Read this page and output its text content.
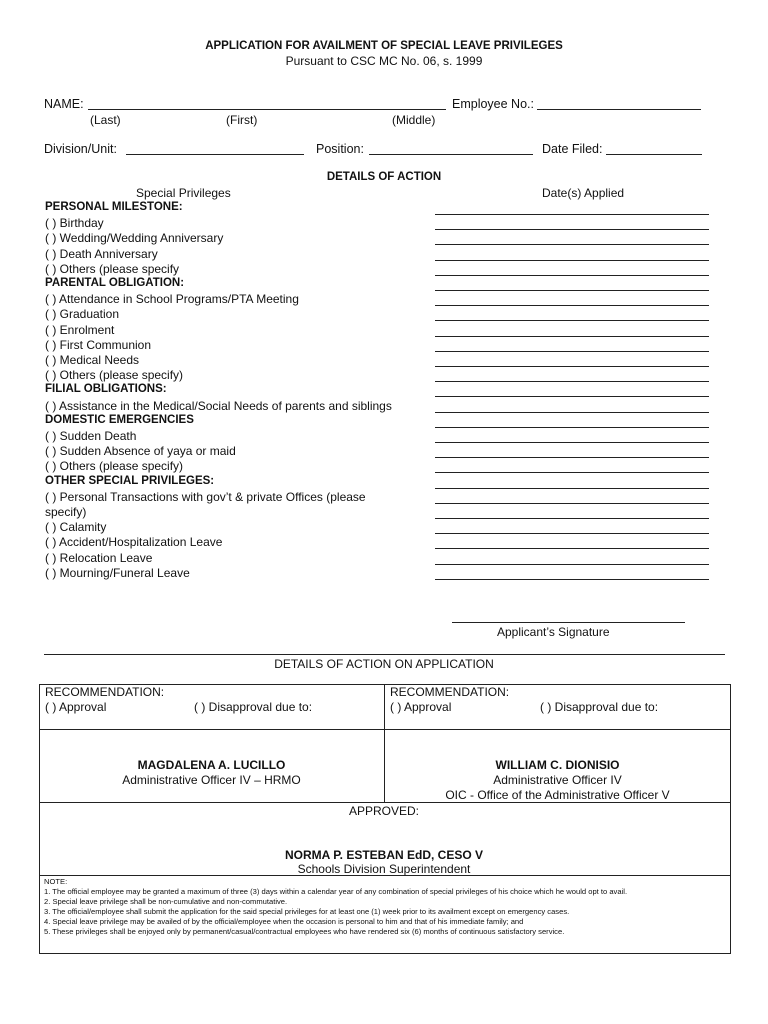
APPLICATION FOR AVAILMENT OF SPECIAL LEAVE PRIVILEGES
Pursuant to CSC MC No. 06, s. 1999
NAME:	Employee No.:
(Last)	(First)	(Middle)
Division/Unit:	Position:	Date Filed:
DETAILS OF ACTION
Special Privileges	Date(s) Applied
PERSONAL MILESTONE:
( ) Birthday
( ) Wedding/Wedding Anniversary
( ) Death Anniversary
( ) Others (please specify
PARENTAL OBLIGATION:
( ) Attendance in School Programs/PTA Meeting
( ) Graduation
( ) Enrolment
( ) First Communion
( ) Medical Needs
( ) Others (please specify)
FILIAL OBLIGATIONS:
( ) Assistance in the Medical/Social Needs of parents and siblings
DOMESTIC EMERGENCIES
( ) Sudden Death
( ) Sudden Absence of yaya or maid
( ) Others (please specify)
OTHER SPECIAL PRIVILEGES:
( ) Personal Transactions with gov’t & private Offices (please
specify)
( ) Calamity
( ) Accident/Hospitalization Leave
( ) Relocation Leave
( ) Mourning/Funeral Leave
Applicant’s Signature
DETAILS OF ACTION ON APPLICATION
RECOMMENDATION:
( ) Approval	( ) Disapproval due to:
MAGDALENA A. LUCILLO
Administrative Officer IV – HRMO
RECOMMENDATION:
( ) Approval	( ) Disapproval due to:
WILLIAM C. DIONISIO
Administrative Officer IV
OIC - Office of the Administrative Officer V
APPROVED:
NORMA P. ESTEBAN EdD, CESO V
Schools Division Superintendent
NOTE:
1. The official employee may be granted a maximum of three (3) days within a calendar year of any combination of special privileges of his choice which he would opt to avail.
2. Special leave privilege shall be non-cumulative and non-commutative.
3. The official/employee shall submit the application for the said special privileges for at least one (1) week prior to its availment except on emergency cases.
4. Special leave privilege may be availed of by the official/employee when the occasion is personal to him and that of his immediate family; and
5. These privileges shall be enjoyed only by permanent/casual/contractual employees who have rendered six (6) months of continuous satisfactory service.
